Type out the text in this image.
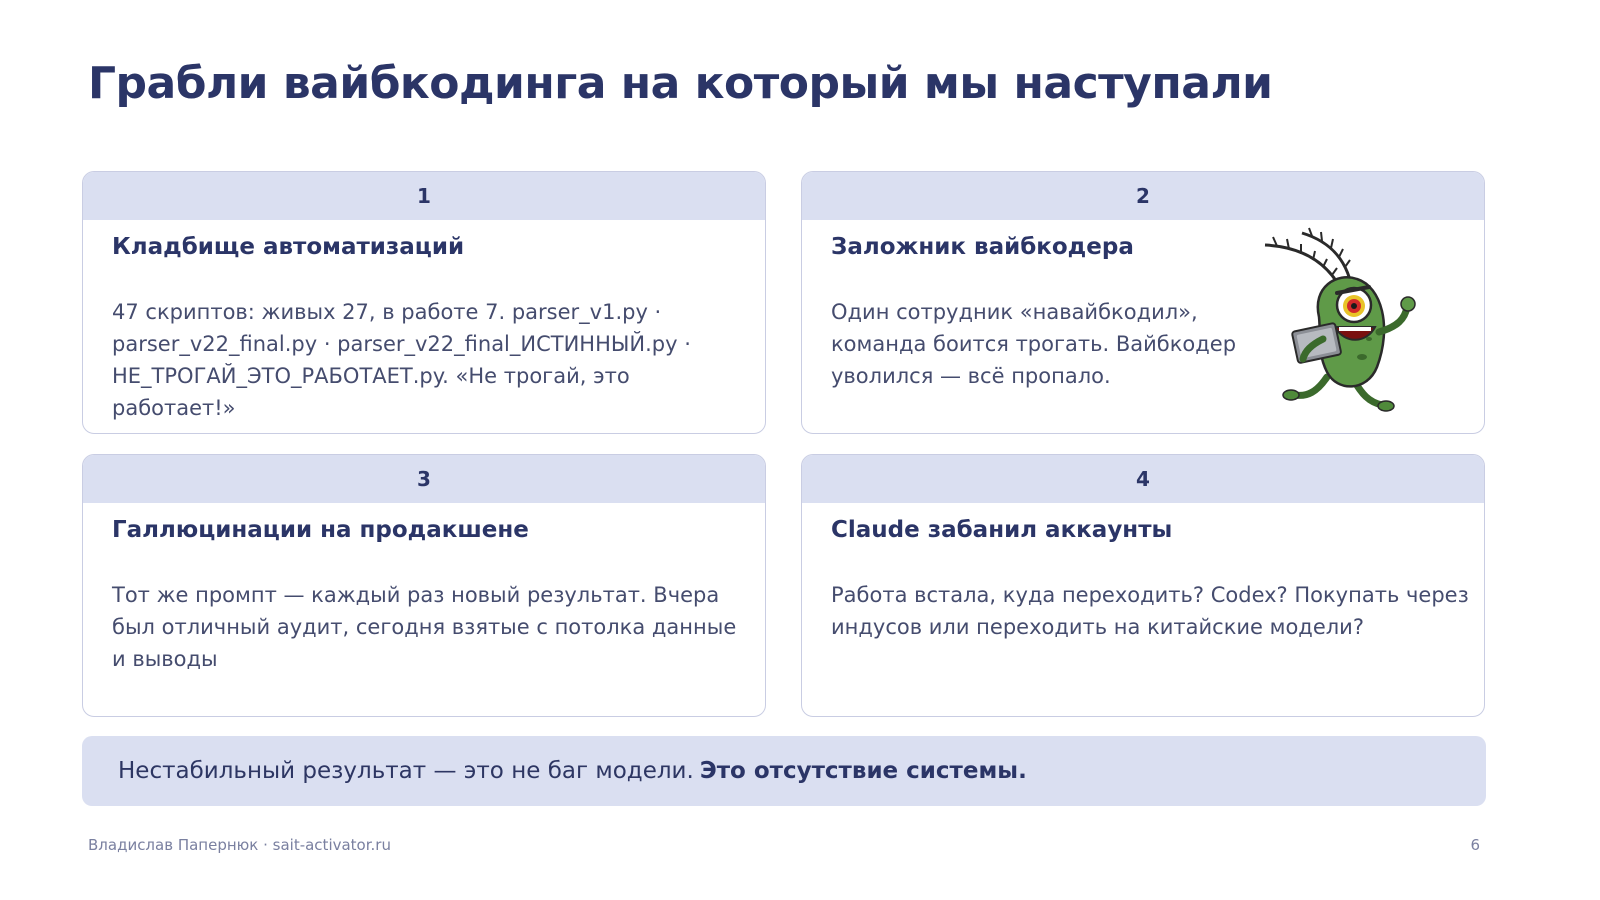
Грабли вайбкодинга на который мы наступали
1
Кладбище автоматизаций
47 скриптов: живых 27, в работе 7. parser_v1.py · parser_v22_final.py · parser_v22_final_ИСТИННЫЙ.py · НЕ_ТРОГАЙ_ЭТО_РАБОТАЕТ.py. «Не трогай, это работает!»
2
Заложник вайбкодера
Один сотрудник «навайбкодил», команда боится трогать. Вайбкодер уволился — всё пропало.
3
Галлюцинации на продакшене
Тот же промпт — каждый раз новый результат. Вчера был отличный аудит, сегодня взятые с потолка данные и выводы
4
Claude забанил аккаунты
Работа встала, куда переходить? Codex? Покупать через индусов или переходить на китайские модели?
Нестабильный результат — это не баг модели. Это отсутствие системы.
Владислав Папернюк · sait-activator.ru	6
